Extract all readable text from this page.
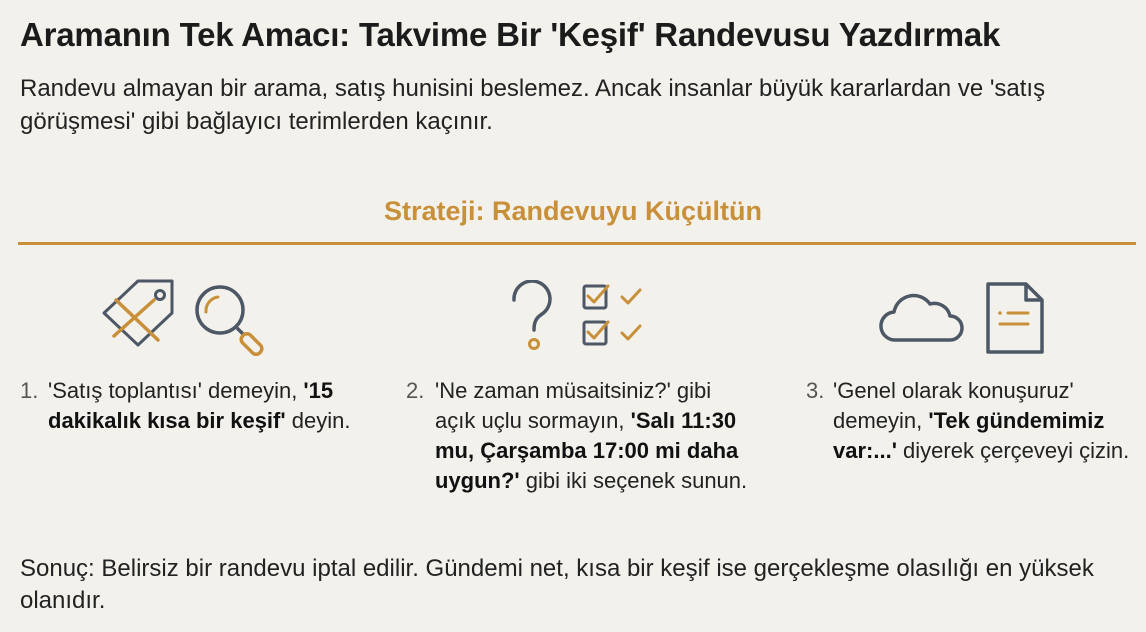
Aramanın Tek Amacı: Takvime Bir 'Keşif' Randevusu Yazdırmak
Randevu almayan bir arama, satış hunisini beslemez. Ancak insanlar büyük kararlardan ve 'satış görüşmesi' gibi bağlayıcı terimlerden kaçınır.
Strateji: Randevuyu Küçültün
1. 'Satış toplantısı' demeyin, '15 dakikalık kısa bir keşif' deyin.
2. 'Ne zaman müsaitsiniz?' gibi açık uçlu sormayın, 'Salı 11:30 mu, Çarşamba 17:00 mi daha uygun?' gibi iki seçenek sunun.
3. 'Genel olarak konuşuruz' demeyin, 'Tek gündemimiz var:...' diyerek çerçeveyi çizin.
Sonuç: Belirsiz bir randevu iptal edilir. Gündemi net, kısa bir keşif ise gerçekleşme olasılığı en yüksek olanıdır.
